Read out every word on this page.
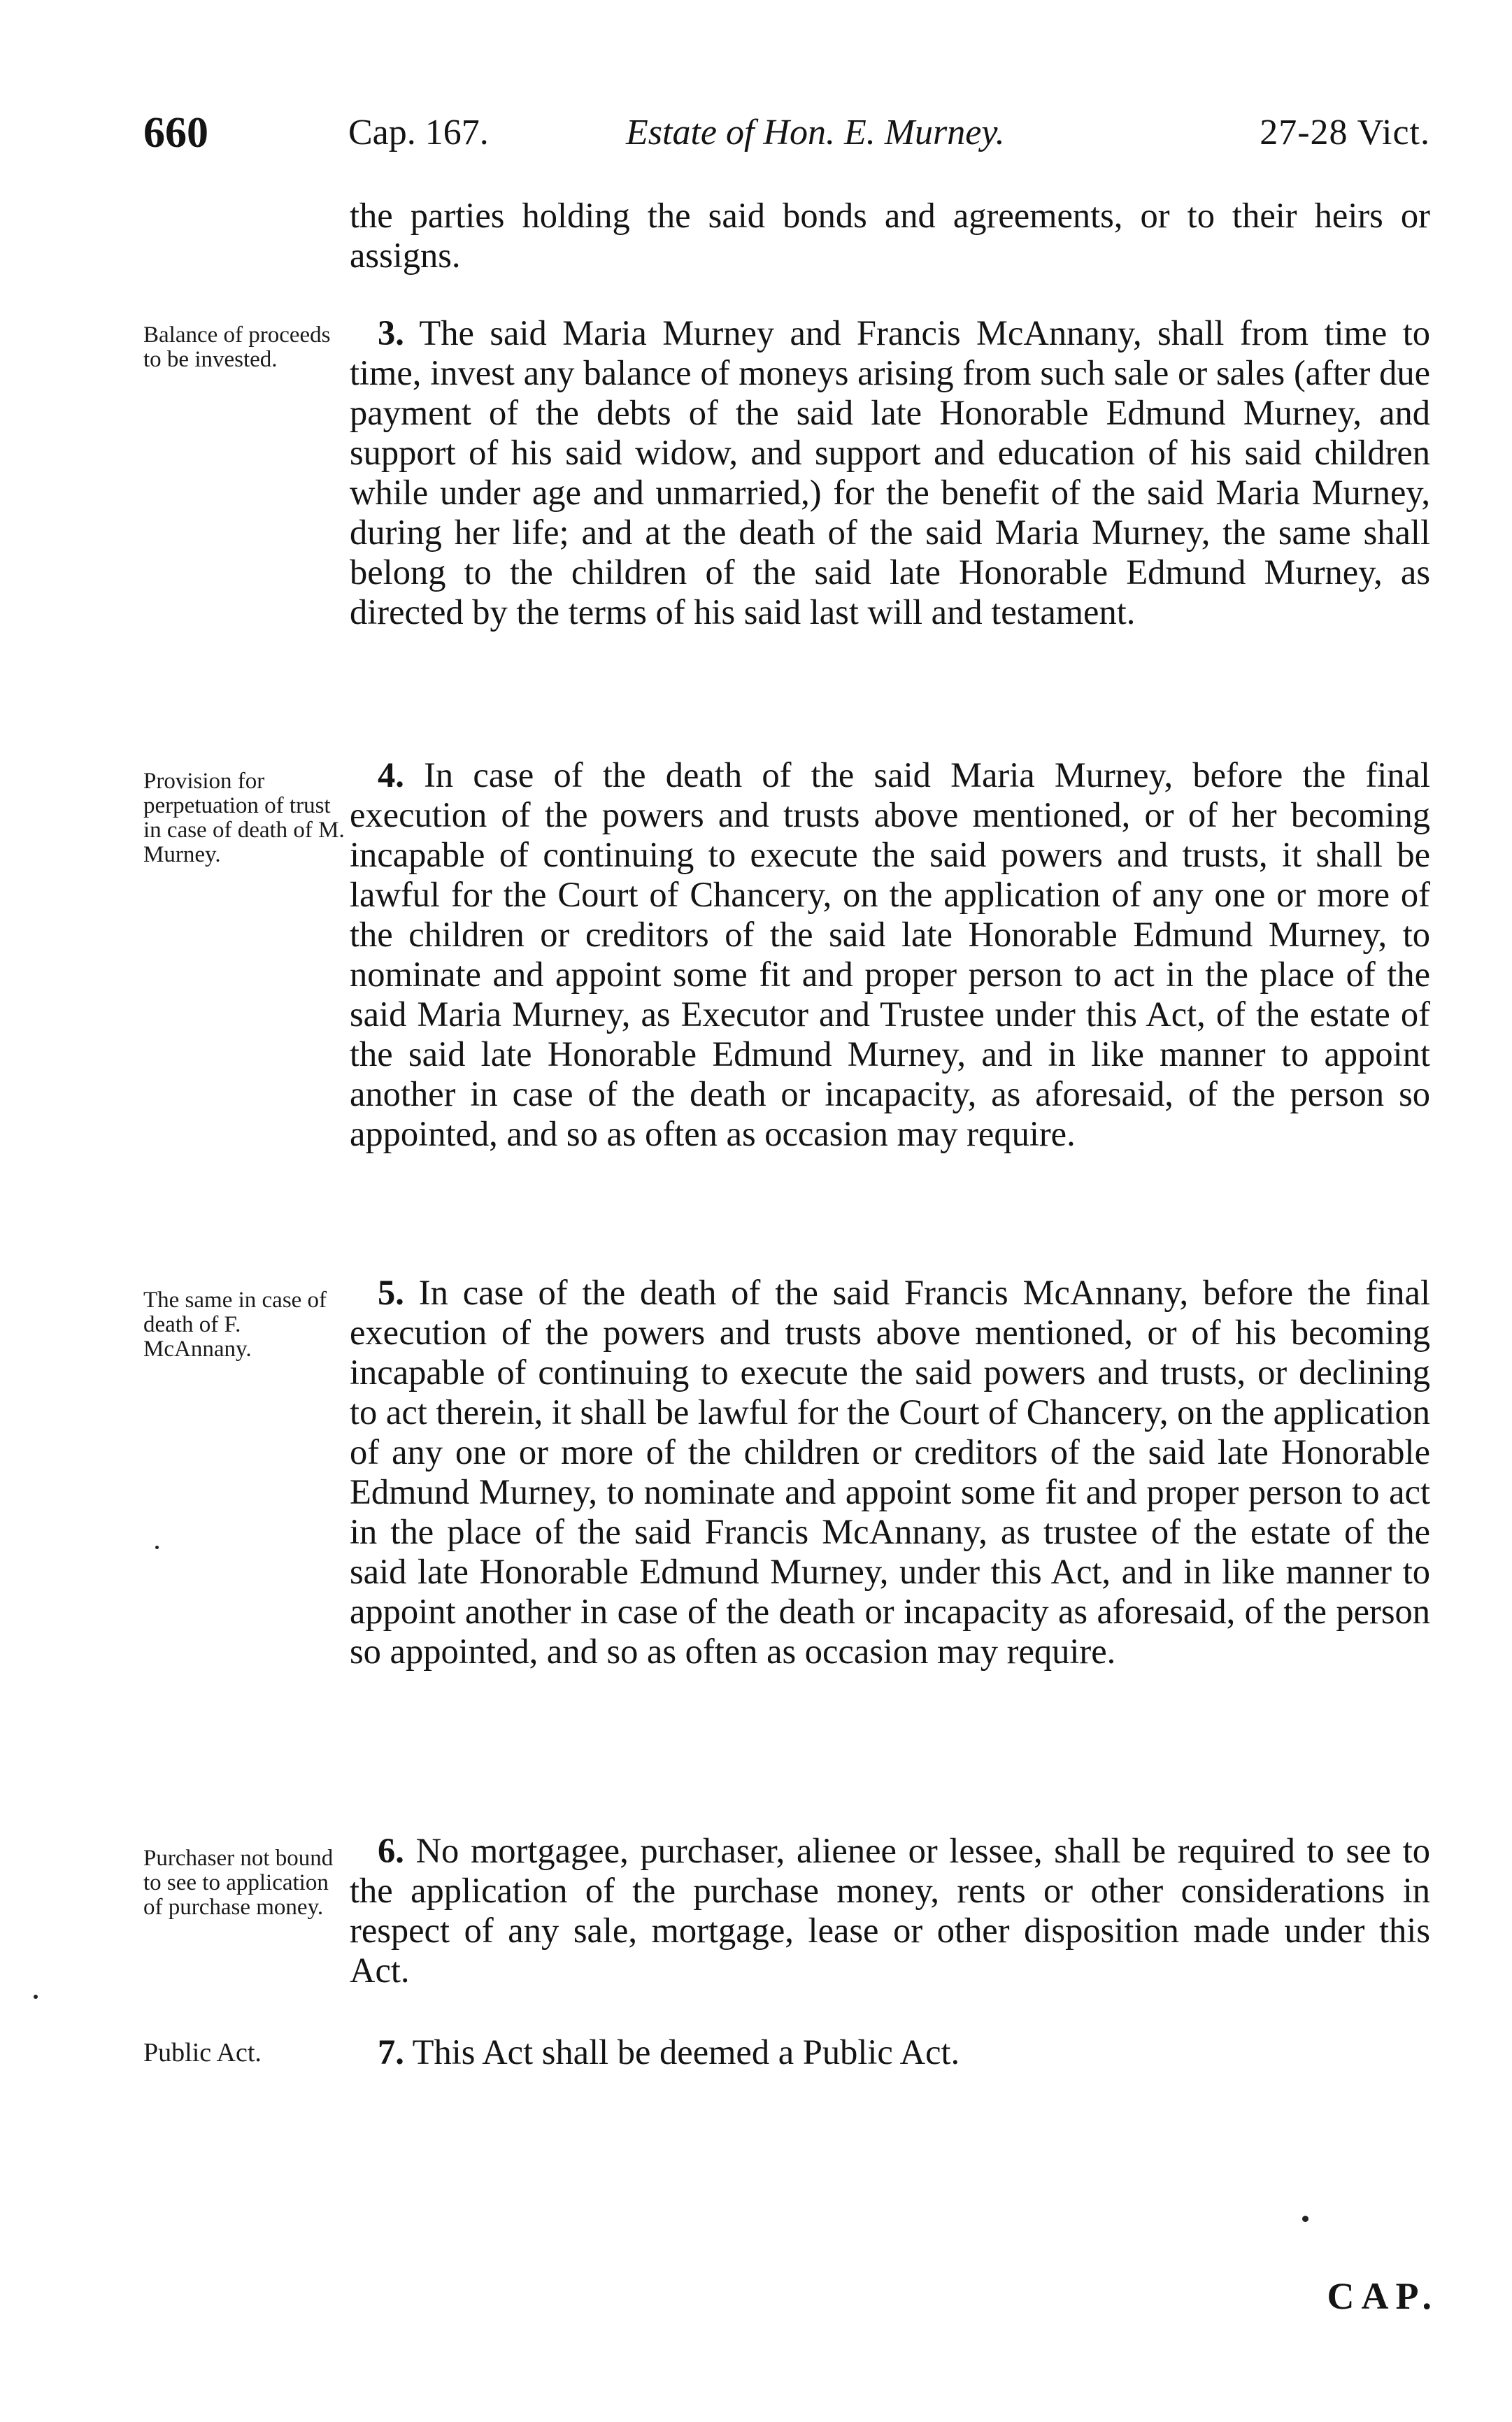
660	Cap. 167.	Estate of Hon. E. Murney.	27-28 Vict.

the parties holding the said bonds and agreements, or to their heirs or assigns.

Balance of proceeds to be invested.

3. The said Maria Murney and Francis McAnnany, shall from time to time, invest any balance of moneys arising from such sale or sales (after due payment of the debts of the said late Honorable Edmund Murney, and support of his said widow, and support and education of his said children while under age and unmarried,) for the benefit of the said Maria Murney, during her life; and at the death of the said Maria Murney, the same shall belong to the children of the said late Honorable Edmund Murney, as directed by the terms of his said last will and testament.

Provision for perpetuation of trust in case of death of M. Murney.

4. In case of the death of the said Maria Murney, before the final execution of the powers and trusts above mentioned, or of her becoming incapable of continuing to execute the said powers and trusts, it shall be lawful for the Court of Chancery, on the application of any one or more of the children or creditors of the said late Honorable Edmund Murney, to nominate and appoint some fit and proper person to act in the place of the said Maria Murney, as Executor and Trustee under this Act, of the estate of the said late Honorable Edmund Murney, and in like manner to appoint another in case of the death or incapacity, as aforesaid, of the person so appointed, and so as often as occasion may require.

The same in case of death of F. McAnnany.

5. In case of the death of the said Francis McAnnany, before the final execution of the powers and trusts above mentioned, or of his becoming incapable of continuing to execute the said powers and trusts, or declining to act therein, it shall be lawful for the Court of Chancery, on the application of any one or more of the children or creditors of the said late Honorable Edmund Murney, to nominate and appoint some fit and proper person to act in the place of the said Francis McAnnany, as trustee of the estate of the said late Honorable Edmund Murney, under this Act, and in like manner to appoint another in case of the death or incapacity as aforesaid, of the person so appointed, and so as often as occasion may require.

Purchaser not bound to see to application of purchase money.

6. No mortgagee, purchaser, alienee or lessee, shall be required to see to the application of the purchase money, rents or other considerations in respect of any sale, mortgage, lease or other disposition made under this Act.

Public Act.	7. This Act shall be deemed a Public Act.

CAP.
